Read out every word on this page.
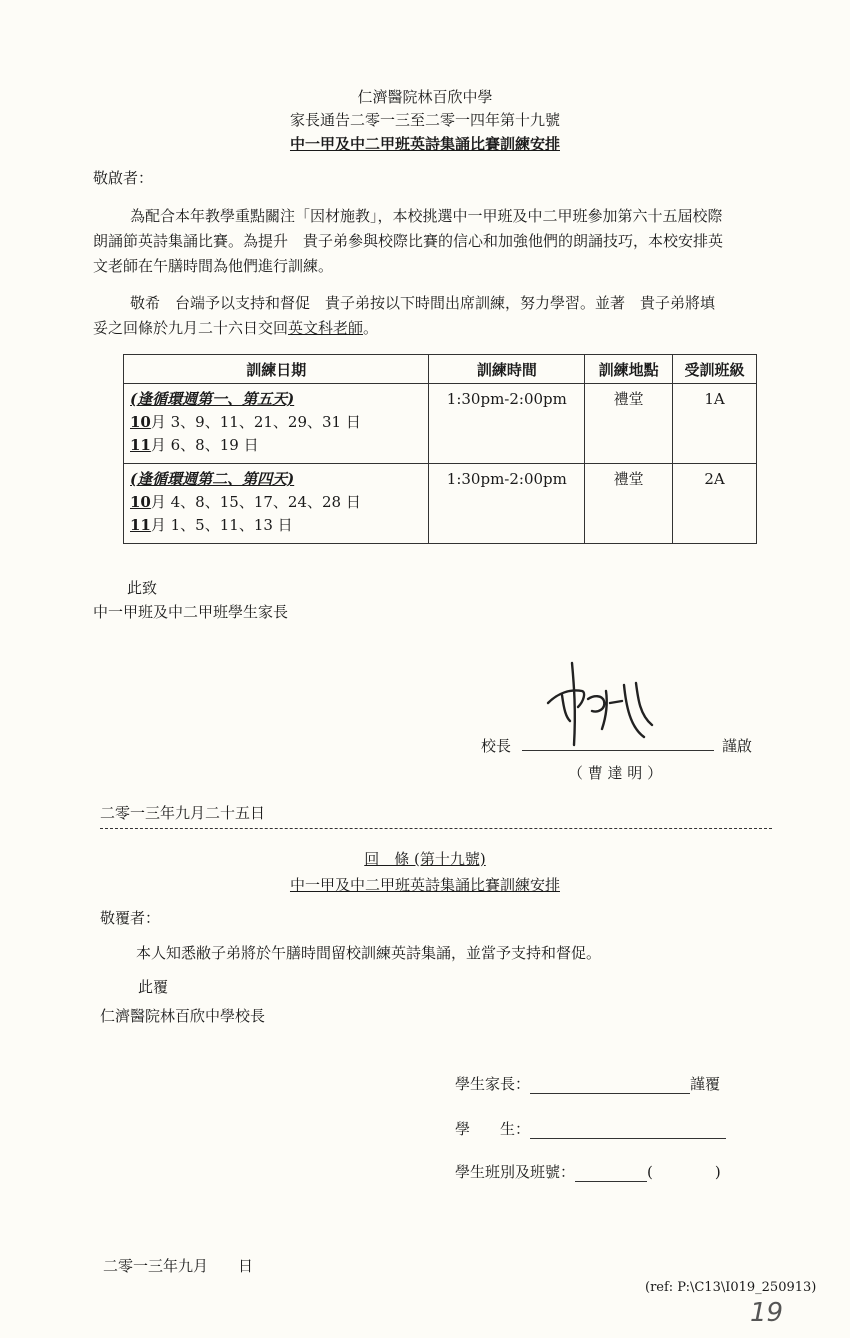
仁濟醫院林百欣中學
家長通告二零一三至二零一四年第十九號
中一甲及中二甲班英詩集誦比賽訓練安排
敬啟者：
為配合本年教學重點關注「因材施教」，本校挑選中一甲班及中二甲班參加第六十五屆校際
朗誦節英詩集誦比賽。為提升　貴子弟參與校際比賽的信心和加強他們的朗誦技巧，本校安排英
文老師在午膳時間為他們進行訓練。
敬希　台端予以支持和督促　貴子弟按以下時間出席訓練，努力學習。並著　貴子弟將填
妥之回條於九月二十六日交回英文科老師。
訓練日期	訓練時間	訓練地點	受訓班級

(逢循環週第一、第五天)
10月 3、9、11、21、29、31 日
11月 6、8、19 日	1:30pm-2:00pm	禮堂	1A

(逢循環週第二、第四天)
10月 4、8、15、17、24、28 日
11月 1、5、11、13 日	1:30pm-2:00pm	禮堂	2A
此致
中一甲班及中二甲班學生家長
校長	謹啟
（ 曹 達 明 ）
二零一三年九月二十五日
回　條 (第十九號)
中一甲及中二甲班英詩集誦比賽訓練安排
敬覆者：
本人知悉敝子弟將於午膳時間留校訓練英詩集誦，並當予支持和督促。
此覆
仁濟醫院林百欣中學校長
學生家長：	謹覆
學　　生：
學生班別及班號：	(	)
二零一三年九月　　日
(ref: P:\C13\I019_250913)
19
